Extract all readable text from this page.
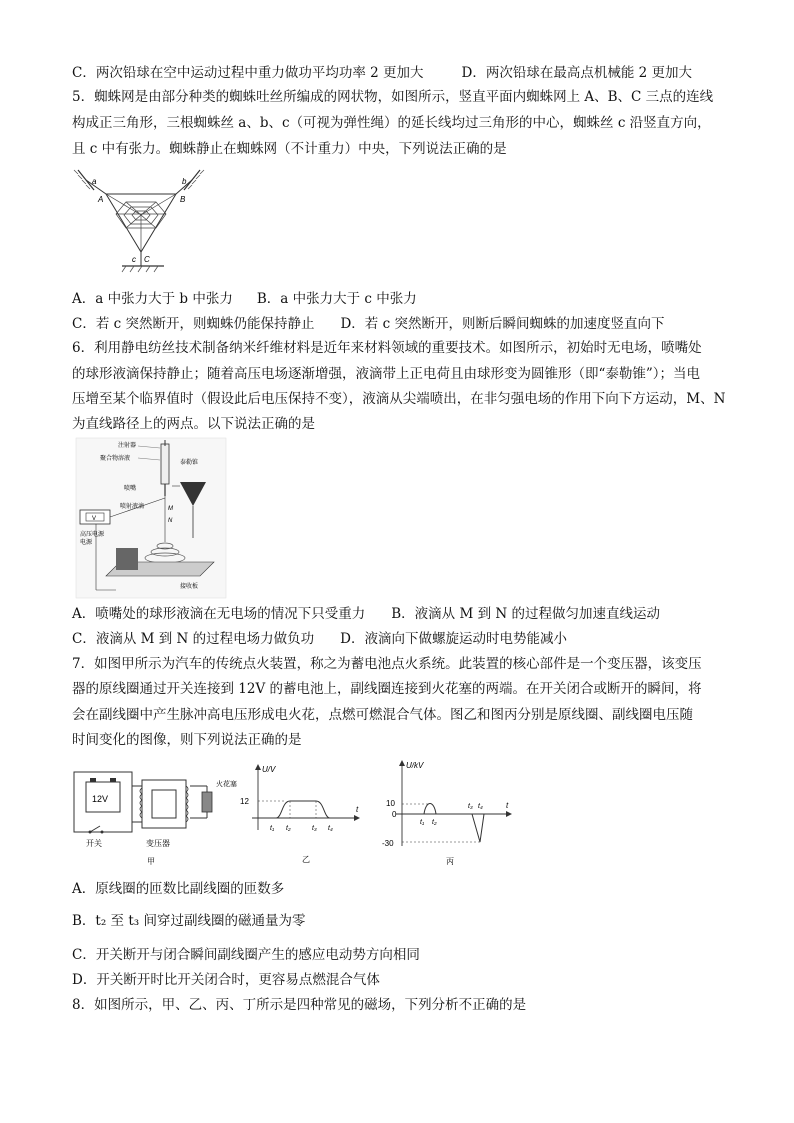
C．两次铅球在空中运动过程中重力做功平均功率 2 更加大	D．两次铅球在最高点机械能 2 更加大
5．蜘蛛网是由部分种类的蜘蛛吐丝所编成的网状物，如图所示，竖直平面内蜘蛛网上 A、B、C 三点的连线
构成正三角形，三根蜘蛛丝 a、b、c（可视为弹性绳）的延长线均过三角形的中心，蜘蛛丝 c 沿竖直方向，
且 c 中有张力。蜘蛛静止在蜘蛛网（不计重力）中央，下列说法正确的是
A	B
C
a	b
c
A．a 中张力大于 b 中张力 B．a 中张力大于 c 中张力
C．若 c 突然断开，则蜘蛛仍能保持静止 D．若 c 突然断开，则断后瞬间蜘蛛的加速度竖直向下
6．利用静电纺丝技术制备纳米纤维材料是近年来材料领域的重要技术。如图所示，初始时无电场，喷嘴处
的球形液滴保持静止；随着高压电场逐渐增强，液滴带上正电荷且由球形变为圆锥形（即“泰勒锥”）；当电
压增至某个临界值时（假设此后电压保持不变），液滴从尖端喷出，在非匀强电场的作用下向下方运动，M、N
为直线路径上的两点。以下说法正确的是
注射器
聚合物溶液
泰勒锥
喷嘴
喷射液滴	M
N
接收板
V
高压电源
电源
A．喷嘴处的球形液滴在无电场的情况下只受重力 B．液滴从 M 到 N 的过程做匀加速直线运动
C．液滴从 M 到 N 的过程电场力做负功 D．液滴向下做螺旋运动时电势能减小
7．如图甲所示为汽车的传统点火装置，称之为蓄电池点火系统。此装置的核心部件是一个变压器，该变压
器的原线圈通过开关连接到 12V 的蓄电池上，副线圈连接到火花塞的两端。在开关闭合或断开的瞬间，将
会在副线圈中产生脉冲高电压形成电火花，点燃可燃混合气体。图乙和图丙分别是原线圈、副线圈电压随
时间变化的图像，则下列说法正确的是
12V
开关	变压器
火花塞
甲
U/V
t
12
t₁ t₂	t₃ t₄
乙
U/kV
t
10
0
-30
t₁ t₂
t₃ t₄
丙
A．原线圈的匝数比副线圈的匝数多
B．t₂ 至 t₃ 间穿过副线圈的磁通量为零
C．开关断开与闭合瞬间副线圈产生的感应电动势方向相同
D．开关断开时比开关闭合时，更容易点燃混合气体
8．如图所示，甲、乙、丙、丁所示是四种常见的磁场，下列分析不正确的是
